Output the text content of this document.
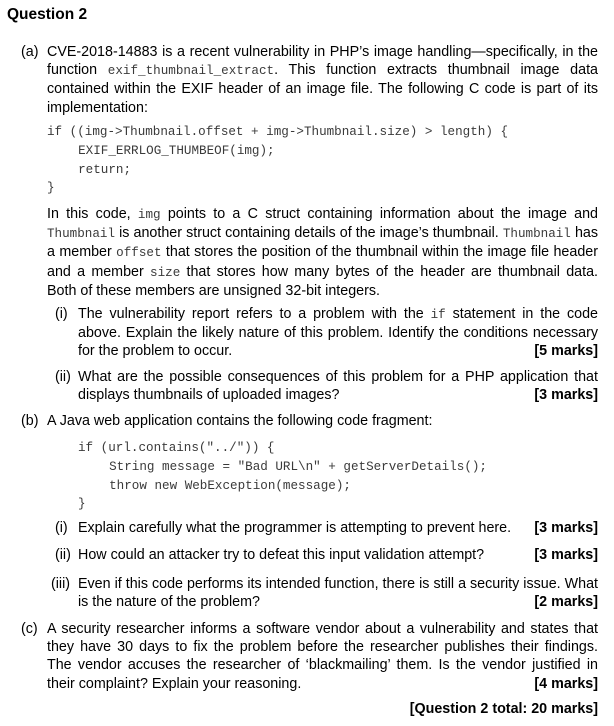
Question 2
(a) CVE-2018-14883 is a recent vulnerability in PHP’s image handling—specifically, in the function exif_thumbnail_extract. This function extracts thumbnail image data contained within the EXIF header of an image file. The following C code is part of its implementation:

if ((img->Thumbnail.offset + img->Thumbnail.size) > length) {
EXIF_ERRLOG_THUMBEOF(img);
return;
}

In this code, img points to a C struct containing information about the image and Thumbnail is another struct containing details of the image’s thumbnail. Thumbnail has a member offset that stores the position of the thumbnail within the image file header and a member size that stores how many bytes of the header are thumbnail data. Both of these members are unsigned 32-bit integers.

(i) The vulnerability report refers to a problem with the if statement in the code above. Explain the likely nature of this problem. Identify the conditions necessary for the problem to occur.	[5 marks]

(ii) What are the possible consequences of this problem for a PHP application that displays thumbnails of uploaded images?	[3 marks]

(b) A Java web application contains the following code fragment:

if (url.contains("../")) {
String message = "Bad URL\n" + getServerDetails();
throw new WebException(message);
}
(i) Explain carefully what the programmer is attempting to prevent here. [3 marks]
(ii) How could an attacker try to defeat this input validation attempt?	[3 marks]
(iii) Even if this code performs its intended function, there is still a security issue. What is the nature of the problem?	[2 marks]

(c) A security researcher informs a software vendor about a vulnerability and states that they have 30 days to fix the problem before the researcher publishes their findings. The vendor accuses the researcher of ‘blackmailing’ them. Is the vendor justified in their complaint? Explain your reasoning.	[4 marks]

[Question 2 total: 20 marks]
